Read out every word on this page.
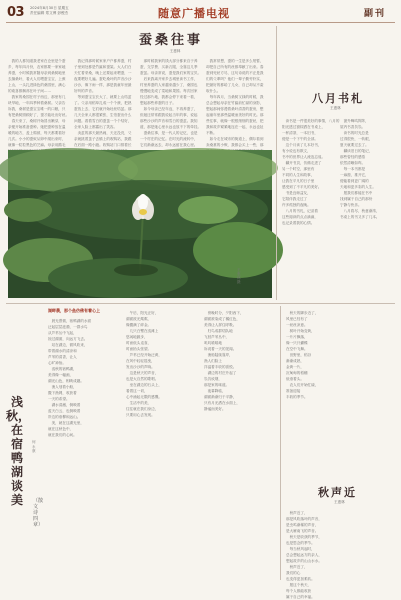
03 2024年8月30日 星期五
责任编辑 郑文博 彭俊杰	随意广播电视	副刊
蚕桑往事
王惠林
　我的人都知道我老家在仓里是个蚕
乡，每年四月份，农家都要一家家地
养蚕，小时候我常随母亲到桑树地里
去摘桑叶，看大人们喂蚕宝宝，上蔟
上山，一头扎进绿色的桑园里，满心
的欢喜都飘荡在叶子间……
　我家的桑园在村子西边，那里有几
块旱地，一年四季种着桑树。父亲告
诉我，桑树是蚕宝宝唯一的口粮，只
有把桑树照顾好了，蚕才能吐出好丝。
　春天来了，桑树开始冒出嫩芽，母
亲便开始准备蚕种。她把蚕种放在温
暖的地方，盖上棉被，每天都要看好
几次。小小的蚕蚁从卵中爬出来时，
就像一粒粒黑色的芝麻。母亲用鹅毛

　我记得那时候家家户户都养蚕，村
子里到处都是竹匾和蚕架。大人们白
天忙着采桑，晚上还要起来喂蚕，一
夜要喂好几遍。蚕吃桑叶的声音沙沙
沙沙，像下雨一样，那是我童年里最
好听的声音。
　等到蚕宝宝长大了，就要上山结茧
了。父亲用稻草扎成一个个蔟，把熟
蚕放上去，它们就开始吐丝结茧。那
几天全家人都很紧张，生怕蚕出什么
问题。看着雪白的蚕茧一个个结好，
全家人脸上都露出了笑容。
　卖茧的那天最热闹，天还没亮，父
亲就挑着茧子去镇上的收购站，我跟
在后面一路小跑。收购站门口排着长

　那时候我家的钱大部分都来自于养
蚕，交学费、买新衣服，全靠这几季
蚕茧。母亲常说，蚕是我们家的宝贝。
　后来我离开家乡去城里读书工作，
村里养蚕的人家越来越少了，桑园也
慢慢地变成了菜地和果园。每次回家
经过那片地，我都会停下来看一看，
想起那些养蚕的日子。
　如今母亲已经年迈，不再养蚕了，
但她还常常跟我说起当年的事，说起
那些沙沙的声音和雪白的蚕茧。我知
道，那是她心里永远也放不下的牵挂。
　蚕桑往事，是一代人的记忆，也是
一个村庄的记忆。在时光的流转中，
它们渐渐远去，却永远留在我心里。
　我常常想，蚕的一生是多么短暂，
却把自己所有的丝都奉献了出来。春
蚕到死丝方尽，这句诗说的不正是我
们的父辈吗？他们一辈子勤劳朴实，
把最好的都给了儿女，自己却从不索
取什么。
　每年四月，当桑树又绿的时候，我
总会想起母亲在竹匾前忙碌的身影，
想起那间弥漫着桑叶清香的蚕房，想
起童年里那些温暖而美好的时光。那
些往事，就像一根根细细的蚕丝，把
我和故乡紧紧地连在一起，永远也扯
不断。
　如今走在城市的街道上，偶尔看到
卖桑葚的小贩，我都会买上一些，那

王惠林 摄
八月书札
王惠林
　读书是一件很美好的事情，八月的
阳光透过窗棂洒在书桌上，
一杯清茶，一本旧书，
便是一个下午的全部。
　这个月读了几本好书，
有小说也有散文，
书中的世界让人流连忘返。
　翻开书页，仿佛走进了
另一个时空，那里有
不同的人生和故事，
让我在平凡的日子里
感受到了不平凡的美好。
　书是良师益友，
它陪伴我走过了
许多孤独的夜晚。
　八月的书札，记录着
这些阅读的点点滴滴，
也记录着我的心情。
　窗外蝉鸣阵阵，
屋内书香袅袅。
　读书的时光总是
过得很快，一转眼，
夏天就要过去了。
　翻读旧日的笔记，
那些曾经的感悟
依然清晰如昨。
　每一本书都是
一扇窗，推开它，
便能看到更广阔的
天地和更多彩的人生。
　愿我们都能在书中
找到属于自己的那份
宁静与快乐。
　八月将尽，秋意渐浓，
书桌上的书又多了几本。
浅秋，在宿鸭湖谈美
何永康
（散文诗四章）
湖畔晨，那个鱼仿佛有着心上
　晨光熹微，宿鸭湖的水面
泛起层层涟漪，一群水鸟
从芦苇丛中飞起，
掠过湖面，向远方飞去。
　站在湖边，微风吹来，
带着湖水的清凉和
芦苇的清香，让人
心旷神怡。
　浅秋的宿鸭湖，
美得像一幅画，
湖光山色，相映成趣。
　渔人划着小船，
撒下渔网，收获着
一天的希望。
　湖水清澈，倒映着
蓝天白云，也倒映着
岸边的垂柳和远山。
　美，就在这湖光里，
就在这秋色中，
就在我们的心间。
　午后，阳光正好，
湖面波光粼粼，
像撒满了碎金。
　几只白鹭在浅滩上
悠闲地踱步，
时而低头觅食，
时而抬头张望。
　芦苇已经开始泛黄，
在风中轻轻摇曳，
发出沙沙的声响。
　这是秋天的声音，
也是大自然的歌唱。
　坐在湖边的石头上，
看着这一切，
心中涌起无限的感慨。
　生活中的美，
往往就在我们身边，
只要用心去发现。
　傍晚时分，夕阳西下，
湖面被染成了橘红色，
美得让人屏住呼吸。
　归鸟成群结队地
飞回芦苇丛中，
叽叽喳喳地
诉说着一天的见闻。
　渔船陆续靠岸，
渔人们脸上
洋溢着丰收的喜悦。
　湖边的村庄升起了
袅袅炊烟，
那是家的味道。
　夜幕降临，
湖面渐渐归于平静，
只有月光洒在水面上，
静谧而美好。
　秋天的脚步近了，
风里已经有了
一丝丝凉意。
　树叶开始变黄，
一片片飘落，
像一只只蝴蝶
在空中飞舞。
　田野里，稻谷
渐渐成熟，
金黄一片，
沉甸甸的稻穗
低垂着头。
　农人们开始忙碌，
准备迎接
丰收的季节。
秋声近
王惠林
　秋声近了，
那是风吹落叶的声音，
是虫鸣渐稀的声音，
是大雁南飞的声音。
　秋天是收获的季节，
也是思念的季节。
　每当秋风起时，
总会想起远方的亲人，
想起故乡的山山水水。
　秋声近了，
我们的心
也变得更加柔软。
　愿这个秋天，
每个人都能收获
属于自己的幸福。
